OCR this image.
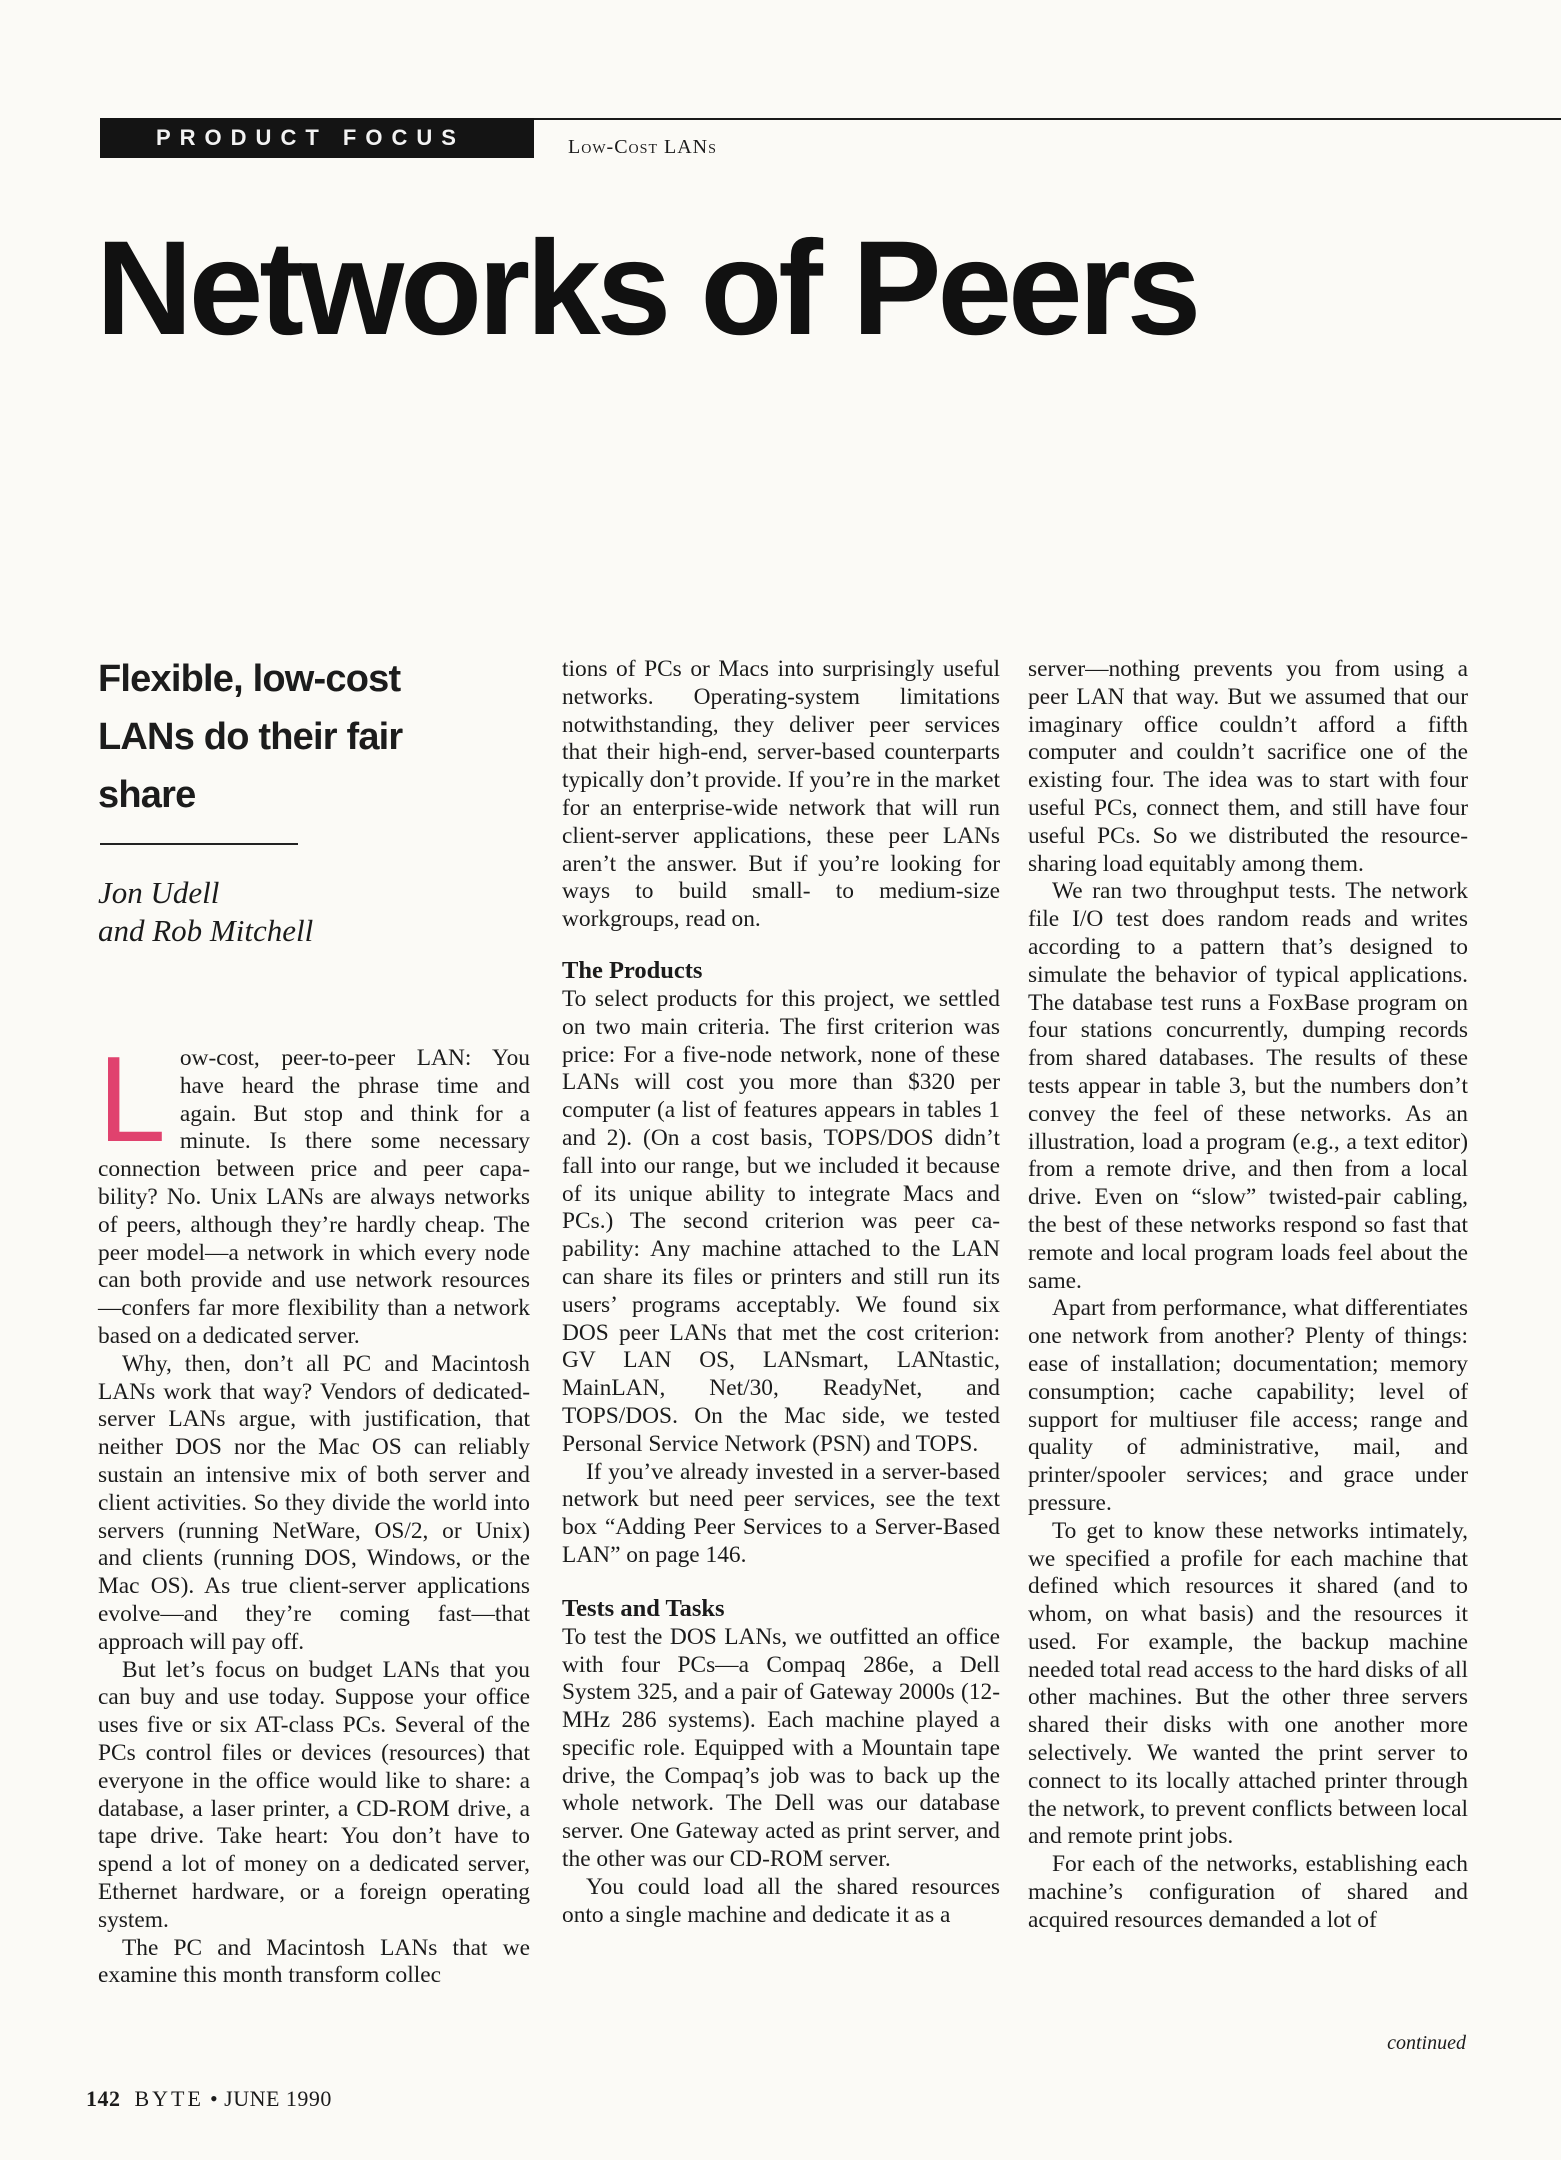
PRODUCT FOCUS	Low-Cost LANs
Networks of Peers
Flexible, low-cost LANs do their fair share
Jon Udell
and Rob Mitchell

Low-cost, peer-to-peer LAN: You have heard the phrase time and again. But stop and think for a minute. Is there some necessary connection between price and peer capability? No. Unix LANs are always networks of peers, although they’re hardly cheap. The peer model—a network in which every node can both provide and use network resources—confers far more flexibility than a network based on a dedicated server.

Why, then, don’t all PC and Macintosh LANs work that way? Vendors of dedicated-server LANs argue, with justification, that neither DOS nor the Mac OS can reliably sustain an intensive mix of both server and client activities. So they divide the world into servers (running NetWare, OS/2, or Unix) and clients (running DOS, Windows, or the Mac OS). As true client-server applications evolve—and they’re coming fast—that approach will pay off.

But let’s focus on budget LANs that you can buy and use today. Suppose your office uses five or six AT-class PCs. Several of the PCs control files or devices (resources) that everyone in the office would like to share: a database, a laser printer, a CD-ROM drive, a tape drive. Take heart: You don’t have to spend a lot of money on a dedicated server, Ethernet hardware, or a foreign operating system.

The PC and Macintosh LANs that we examine this month transform collec

tions of PCs or Macs into surprisingly useful networks. Operating-system limitations notwithstanding, they deliver peer services that their high-end, server-based counterparts typically don’t provide. If you’re in the market for an enterprise-wide network that will run client-server applications, these peer LANs aren’t the answer. But if you’re looking for ways to build small- to medium-size workgroups, read on.

The Products

To select products for this project, we settled on two main criteria. The first criterion was price: For a five-node network, none of these LANs will cost you more than $320 per computer (a list of features appears in tables 1 and 2). (On a cost basis, TOPS/DOS didn’t fall into our range, but we included it because of its unique ability to integrate Macs and PCs.) The second criterion was peer capability: Any machine attached to the LAN can share its files or printers and still run its users’ programs acceptably. We found six DOS peer LANs that met the cost criterion: GV LAN OS, LANsmart, LANtastic, MainLAN, Net/30, ReadyNet, and TOPS/DOS. On the Mac side, we tested Personal Service Network (PSN) and TOPS.

If you’ve already invested in a server-based network but need peer services, see the text box “Adding Peer Services to a Server-Based LAN” on page 146.

Tests and Tasks

To test the DOS LANs, we outfitted an office with four PCs—a Compaq 286e, a Dell System 325, and a pair of Gateway 2000s (12-MHz 286 systems). Each machine played a specific role. Equipped with a Mountain tape drive, the Compaq’s job was to back up the whole network. The Dell was our database server. One Gateway acted as print server, and the other was our CD-ROM server.

You could load all the shared resources onto a single machine and dedicate it as a

server—nothing prevents you from using a peer LAN that way. But we assumed that our imaginary office couldn’t afford a fifth computer and couldn’t sacrifice one of the existing four. The idea was to start with four useful PCs, connect them, and still have four useful PCs. So we distributed the resource-sharing load equitably among them.

We ran two throughput tests. The network file I/O test does random reads and writes according to a pattern that’s designed to simulate the behavior of typical applications. The database test runs a FoxBase program on four stations concurrently, dumping records from shared databases. The results of these tests appear in table 3, but the numbers don’t convey the feel of these networks. As an illustration, load a program (e.g., a text editor) from a remote drive, and then from a local drive. Even on “slow” twisted-pair cabling, the best of these networks respond so fast that remote and local program loads feel about the same.

Apart from performance, what differentiates one network from another? Plenty of things: ease of installation; documentation; memory consumption; cache capability; level of support for multiuser file access; range and quality of administrative, mail, and printer/spooler services; and grace under pressure.

To get to know these networks intimately, we specified a profile for each machine that defined which resources it shared (and to whom, on what basis) and the resources it used. For example, the backup machine needed total read access to the hard disks of all other machines. But the other three servers shared their disks with one another more selectively. We wanted the print server to connect to its locally attached printer through the network, to prevent conflicts between local and remote print jobs.

For each of the networks, establishing each machine’s configuration of shared and acquired resources demanded a lot of

continued
142 BYTE • JUNE 1990
